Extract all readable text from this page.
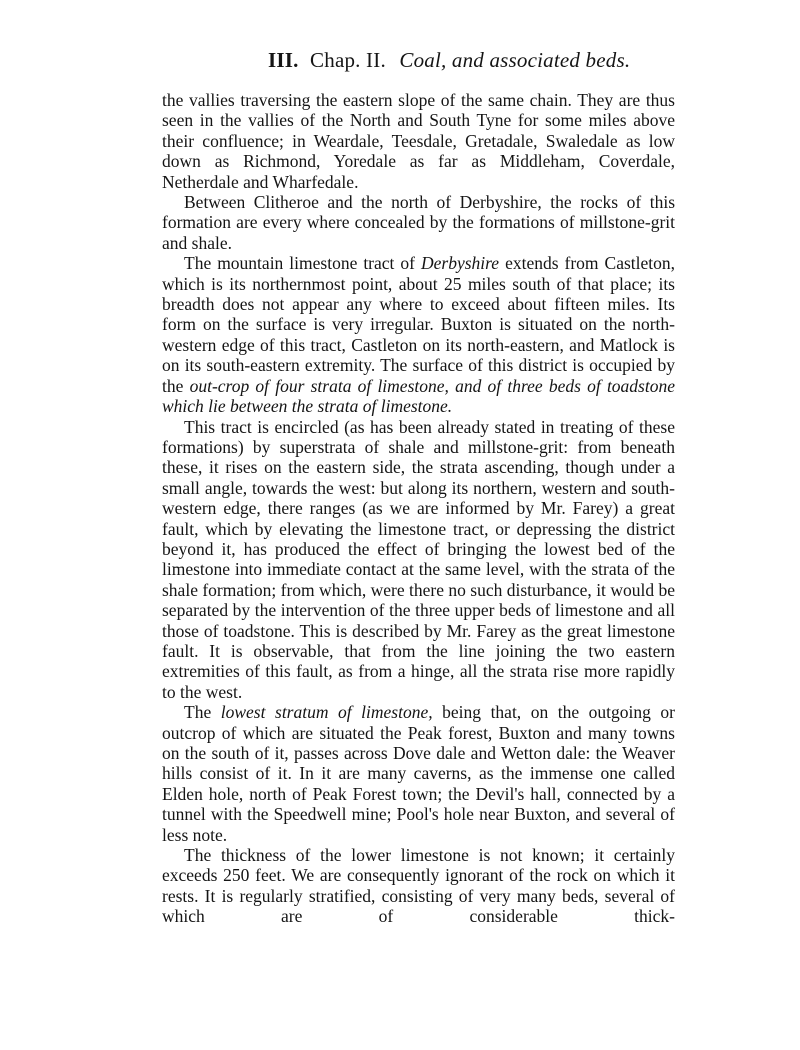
III. Chap. II. Coal, and associated beds.

the vallies traversing the eastern slope of the same chain. They are thus seen in the vallies of the North and South Tyne for some miles above their confluence; in Weardale, Teesdale, Gretadale, Swaledale as low down as Richmond, Yoredale as far as Middleham, Coverdale, Netherdale and Wharfedale.

Between Clitheroe and the north of Derbyshire, the rocks of this formation are every where concealed by the formations of millstone-grit and shale.

The mountain limestone tract of Derbyshire extends from Castleton, which is its northernmost point, about 25 miles south of that place; its breadth does not appear any where to exceed about fifteen miles. Its form on the surface is very irregular. Buxton is situated on the north-western edge of this tract, Castleton on its north-eastern, and Matlock is on its south-eastern extremity. The surface of this district is occupied by the out-crop of four strata of limestone, and of three beds of toadstone which lie between the strata of limestone.

This tract is encircled (as has been already stated in treating of these formations) by superstrata of shale and millstone-grit: from beneath these, it rises on the eastern side, the strata ascending, though under a small angle, towards the west: but along its northern, western and south-western edge, there ranges (as we are informed by Mr. Farey) a great fault, which by elevating the limestone tract, or depressing the district beyond it, has produced the effect of bringing the lowest bed of the limestone into immediate contact at the same level, with the strata of the shale formation; from which, were there no such disturbance, it would be separated by the intervention of the three upper beds of limestone and all those of toadstone. This is described by Mr. Farey as the great limestone fault. It is observable, that from the line joining the two eastern extremities of this fault, as from a hinge, all the strata rise more rapidly to the west.

The lowest stratum of limestone, being that, on the outgoing or outcrop of which are situated the Peak forest, Buxton and many towns on the south of it, passes across Dove dale and Wetton dale: the Weaver hills consist of it. In it are many caverns, as the immense one called Elden hole, north of Peak Forest town; the Devil's hall, connected by a tunnel with the Speedwell mine; Pool's hole near Buxton, and several of less note.

The thickness of the lower limestone is not known; it certainly exceeds 250 feet. We are consequently ignorant of the rock on which it rests. It is regularly stratified, consisting of very many beds, several of which are of considerable thick-
